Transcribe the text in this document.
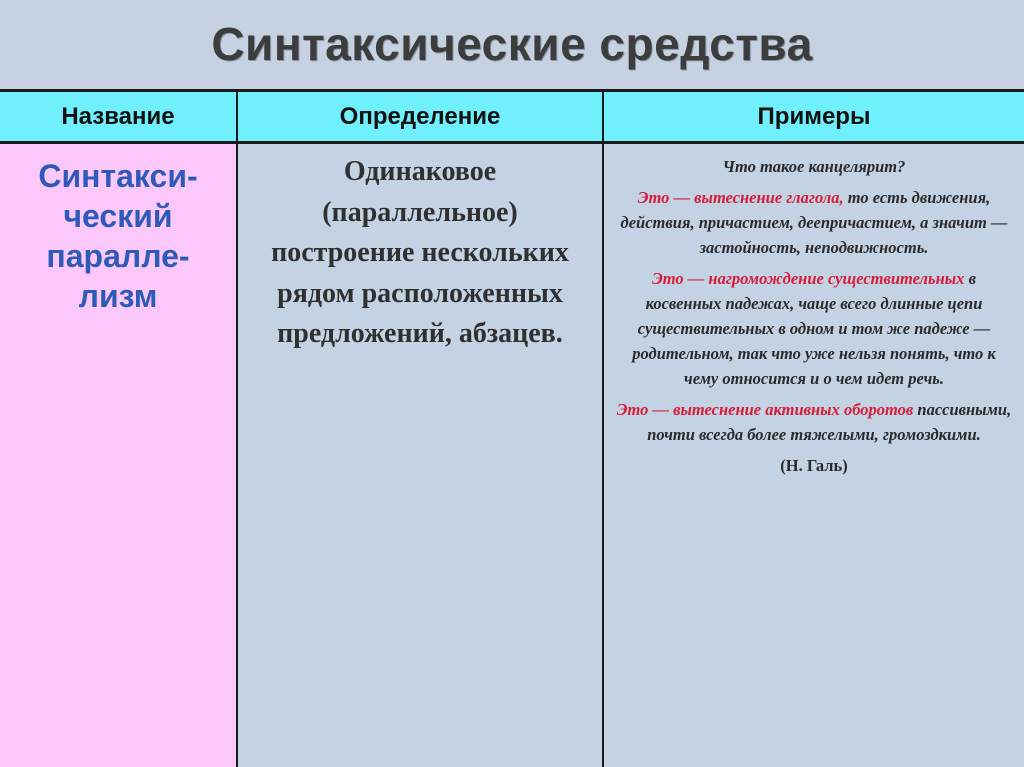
Синтаксические средства
Название	Определение	Примеры
Синтакси-
ческий
паралле-
лизм
Одинаковое (параллельное) построение нескольких рядом расположенных предложений, абзацев.

Что такое канцелярит?

Это — вытеснение глагола, то есть движения, действия, причастием, деепричастием, а значит — застойность, неподвижность.

Это — нагромождение существительных в косвенных падежах, чаще всего длинные цепи существительных в одном и том же падеже — родительном, так что уже нельзя понять, что к чему относится и о чем идет речь.

Это — вытеснение активных оборотов пассивными, почти всегда более тяжелыми, громоздкими.

(Н. Галь)
